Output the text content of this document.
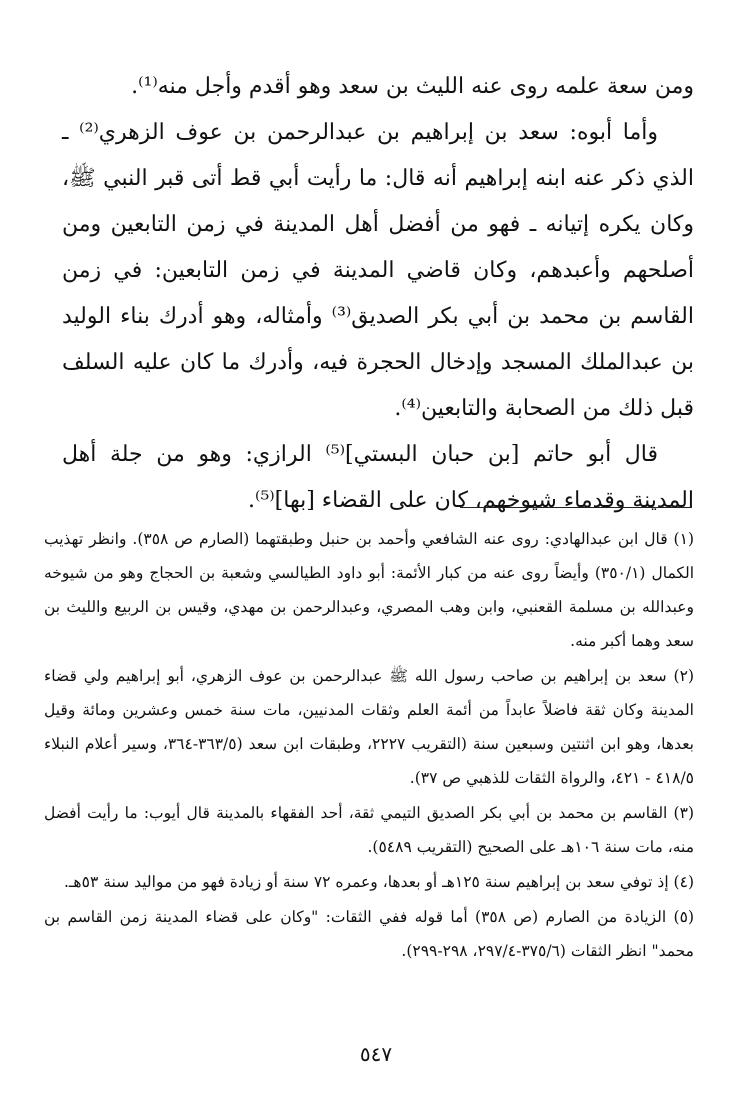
ومن سعة علمه روى عنه الليث بن سعد وهو أقدم وأجل منه⁽¹⁾.

وأما أبوه: سعد بن إبراهيم بن عبدالرحمن بن عوف الزهري⁽²⁾ ـ الذي ذكر عنه ابنه إبراهيم أنه قال: ما رأيت أبي قط أتى قبر النبي ﷺ، وكان يكره إتيانه ـ فهو من أفضل أهل المدينة في زمن التابعين ومن أصلحهم وأعبدهم، وكان قاضي المدينة في زمن التابعين: في زمن القاسم بن محمد بن أبي بكر الصديق⁽³⁾ وأمثاله، وهو أدرك بناء الوليد بن عبدالملك المسجد وإدخال الحجرة فيه، وأدرك ما كان عليه السلف قبل ذلك من الصحابة والتابعين⁽⁴⁾.

قال أبو حاتم [بن حبان البستي]⁽⁵⁾ الرازي: وهو من جلة أهل المدينة وقدماء شيوخهم، كان على القضاء [بها]⁽⁵⁾.

(١) قال ابن عبدالهادي: روى عنه الشافعي وأحمد بن حنبل وطبقتهما (الصارم ص ٣٥٨). وانظر تهذيب الكمال (٣٥٠/١) وأيضاً روى عنه من كبار الأئمة: أبو داود الطيالسي وشعبة بن الحجاج وهو من شيوخه وعبدالله بن مسلمة القعنبي، وابن وهب المصري، وعبدالرحمن بن مهدي، وقيس بن الربيع والليث بن سعد وهما أكبر منه.

(٢) سعد بن إبراهيم بن صاحب رسول الله ﷺ عبدالرحمن بن عوف الزهري، أبو إبراهيم ولي قضاء المدينة وكان ثقة فاضلاً عابداً من أئمة العلم وثقات المدنيين، مات سنة خمس وعشرين ومائة وقيل بعدها، وهو ابن اثنتين وسبعين سنة (التقريب ٢٢٢٧، وطبقات ابن سعد (٣٦٣/٥-٣٦٤، وسير أعلام النبلاء ٤١٨/٥ - ٤٢١، والرواة الثقات للذهبي ص ٣٧).

(٣) القاسم بن محمد بن أبي بكر الصديق التيمي ثقة، أحد الفقهاء بالمدينة قال أيوب: ما رأيت أفضل منه، مات سنة ١٠٦هـ على الصحيح (التقريب ٥٤٨٩).

(٤) إذ توفي سعد بن إبراهيم سنة ١٢٥هـ أو بعدها، وعمره ٧٢ سنة أو زيادة فهو من مواليد سنة ٥٣هـ.

(٥) الزيادة من الصارم (ص ٣٥٨) أما قوله ففي الثقات: "وكان على قضاء المدينة زمن القاسم بن محمد" انظر الثقات (٣٧٥/٦-٢٩٧/٤، ٢٩٨-٢٩٩).

٥٤٧
